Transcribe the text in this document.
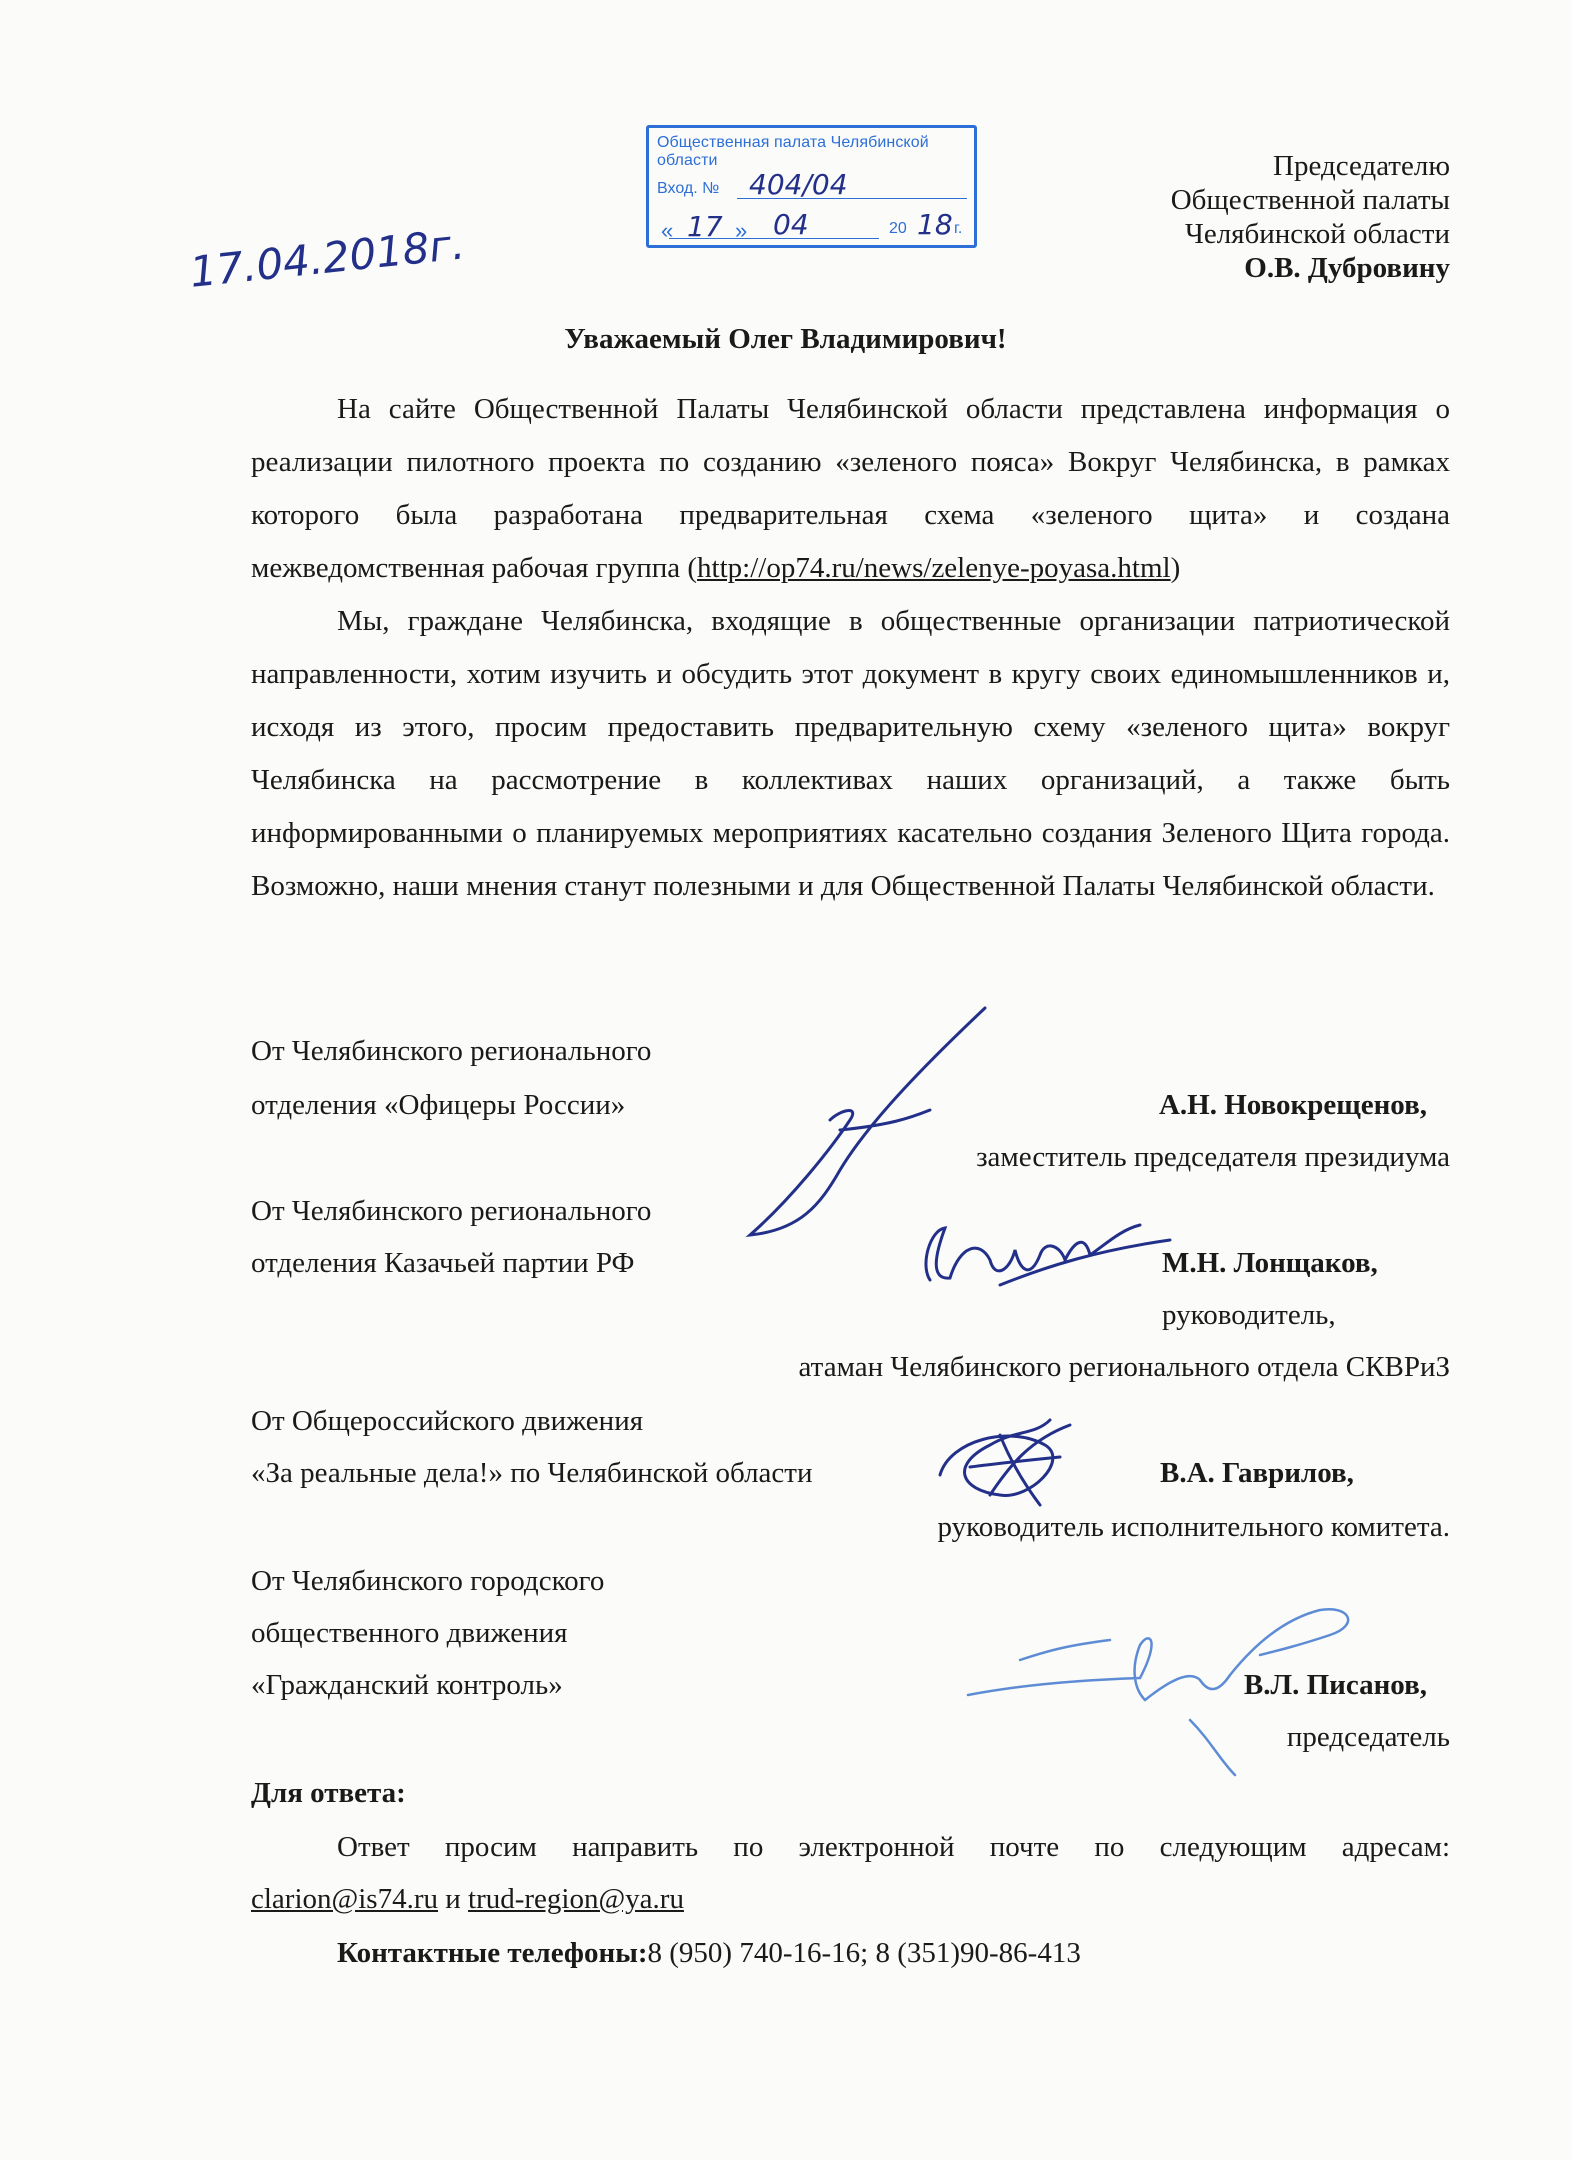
Общественная палата Челябинской области
Вход. № 404/04
« 17 » 04	20 18 г.
17.04.2018г.
Председателю
Общественной палаты
Челябинской области
О.В. Дубровину
Уважаемый Олег Владимирович!

На сайте Общественной Палаты Челябинской области представлена информация о реализации пилотного проекта по созданию «зеленого пояса» Вокруг Челябинска, в рамках которого была разработана предварительная схема «зеленого щита» и создана межведомственная рабочая группа (http://op74.ru/news/zelenye-poyasa.html)

Мы, граждане Челябинска, входящие в общественные организации патриотической направленности, хотим изучить и обсудить этот документ в кругу своих единомышленников и, исходя из этого, просим предоставить предварительную схему «зеленого щита» вокруг Челябинска на рассмотрение в коллективах наших организаций, а также быть информированными о планируемых мероприятиях касательно создания Зеленого Щита города. Возможно, наши мнения станут полезными и для Общественной Палаты Челябинской области.

От Челябинского регионального
отделения «Офицеры России»	А.Н. Новокрещенов,
заместитель председателя президиума
От Челябинского регионального
отделения Казачьей партии РФ	М.Н. Лонщаков,
руководитель,
атаман Челябинского регионального отдела СКВРиЗ
От Общероссийского движения
«За реальные дела!» по Челябинской области	В.А. Гаврилов,
руководитель исполнительного комитета.
От Челябинского городского
общественного движения
«Гражданский контроль»	В.Л. Писанов,
председатель
Для ответа:
Ответ просим направить по электронной почте по следующим адресам:
clarion@is74.ru и trud-region@ya.ru
Контактные телефоны:8 (950) 740-16-16; 8 (351)90-86-413
